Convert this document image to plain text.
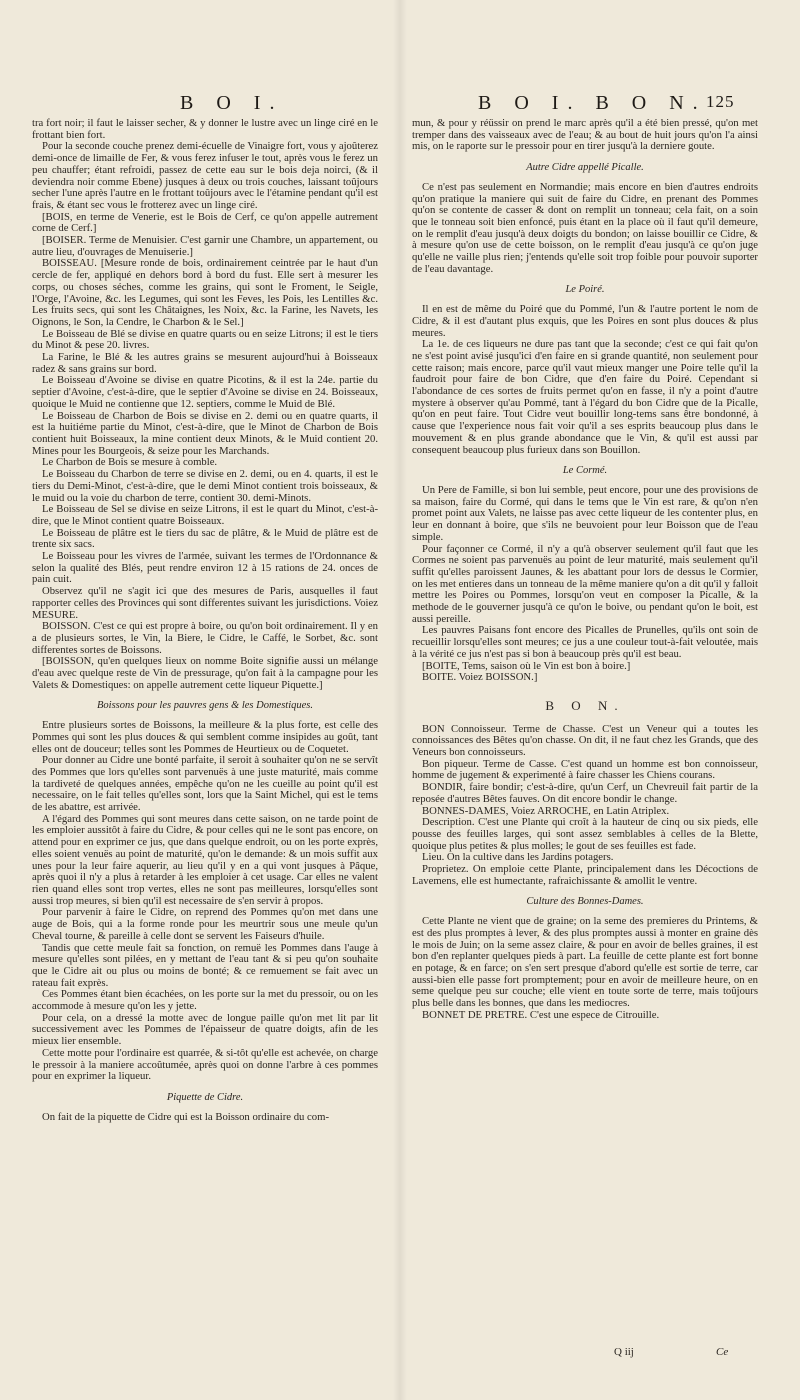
B O I.	B O I. B O N. 125

tra fort noir; il faut le laisser secher, & y donner le lustre avec un linge ciré en le frottant bien fort.

Pour la seconde couche prenez demi-écuelle de Vinaigre fort, vous y ajoûterez demi-once de limaille de Fer, & vous ferez infuser le tout, après vous le ferez un peu chauffer; étant refroidi, passez de cette eau sur le bois deja noirci, (& il deviendra noir comme Ebene) jusques à deux ou trois couches, laissant toûjours secher l'une après l'autre en le frottant toûjours avec le l'étamine pendant qu'il est frais, & étant sec vous le frotterez avec un linge ciré.

[BOIS, en terme de Venerie, est le Bois de Cerf, ce qu'on appelle autrement corne de Cerf.]

[BOISER. Terme de Menuisier. C'est garnir une Chambre, un appartement, ou autre lieu, d'ouvrages de Menuiserie.]

BOISSEAU. [Mesure ronde de bois, ordinairement ceintrée par le haut d'un cercle de fer, appliqué en dehors bord à bord du fust. Elle sert à mesurer les corps, ou choses séches, comme les grains, qui sont le Froment, le Seigle, l'Orge, l'Avoine, &c. les Legumes, qui sont les Feves, les Pois, les Lentilles &c. Les fruits secs, qui sont les Châtaignes, les Noix, &c. la Farine, les Navets, les Oignons, le Son, la Cendre, le Charbon & le Sel.]

Le Boisseau de Blé se divise en quatre quarts ou en seize Litrons; il est le tiers du Minot & pese 20. livres.

La Farine, le Blé & les autres grains se mesurent aujourd'hui à Boisseaux radez & sans grains sur bord.

Le Boisseau d'Avoine se divise en quatre Picotins, & il est la 24e. partie du septier d'Avoine, c'est-à-dire, que le septier d'Avoine se divise en 24. Boisseaux, quoique le Muid ne contienne que 12. septiers, comme le Muid de Blé.

Le Boisseau de Charbon de Bois se divise en 2. demi ou en quatre quarts, il est la huitiéme partie du Minot, c'est-à-dire, que le Minot de Charbon de Bois contient huit Boisseaux, la mine contient deux Minots, & le Muid contient 20. Mines pour les Bourgeois, & seize pour les Marchands.

Le Charbon de Bois se mesure à comble.

Le Boisseau du Charbon de terre se divise en 2. demi, ou en 4. quarts, il est le tiers du Demi-Minot, c'est-à-dire, que le demi Minot contient trois boisseaux, & le muid ou la voie du charbon de terre, contient 30. demi-Minots.

Le Boisseau de Sel se divise en seize Litrons, il est le quart du Minot, c'est-à-dire, que le Minot contient quatre Boisseaux.

Le Boisseau de plâtre est le tiers du sac de plâtre, & le Muid de plâtre est de trente six sacs.

Le Boisseau pour les vivres de l'armée, suivant les termes de l'Ordonnance & selon la qualité des Blés, peut rendre environ 12 à 15 rations de 24. onces de pain cuit.

Observez qu'il ne s'agit ici que des mesures de Paris, ausquelles il faut rapporter celles des Provinces qui sont differentes suivant les jurisdictions. Voiez MESURE.

BOISSON. C'est ce qui est propre à boire, ou qu'on boit ordinairement. Il y en a de plusieurs sortes, le Vin, la Biere, le Cidre, le Caffé, le Sorbet, &c. sont differentes sortes de Boissons.

[BOISSON, qu'en quelques lieux on nomme Boite signifie aussi un mélange d'eau avec quelque reste de Vin de pressurage, qu'on fait à la campagne pour les Valets & Domestiques: on appelle autrement cette liqueur Piquette.]

Boissons pour les pauvres gens & les Domestiques.

Entre plusieurs sortes de Boissons, la meilleure & la plus forte, est celle des Pommes qui sont les plus douces & qui semblent comme insipides au goût, tant elles ont de douceur; telles sont les Pommes de Heurtieux ou de Coquetet.

Pour donner au Cidre une bonté parfaite, il seroit à souhaiter qu'on ne se servît des Pommes que lors qu'elles sont parvenuës à une juste maturité, mais comme la tardiveté de quelques années, empêche qu'on ne les cueille au point qu'il est necessaire, on le fait telles qu'elles sont, lors que la Saint Michel, qui est le tems de les abattre, est arrivée.

A l'égard des Pommes qui sont meures dans cette saison, on ne tarde point de les emploier aussitôt à faire du Cidre, & pour celles qui ne le sont pas encore, on attend pour en exprimer ce jus, que dans quelque endroit, ou on les porte exprès, elles soient venuës au point de maturité, qu'on le demande: & un mois suffit aux unes pour la leur faire aquerir, au lieu qu'il y en a qui vont jusques à Pâque, après quoi il n'y a plus à retarder à les emploier à cet usage. Car elles ne valent rien quand elles sont trop vertes, elles ne sont pas meilleures, lorsqu'elles sont aussi trop meures, si bien qu'il est necessaire de s'en servir à propos.

Pour parvenir à faire le Cidre, on reprend des Pommes qu'on met dans une auge de Bois, qui a la forme ronde pour les meurtrir sous une meule qu'un Cheval tourne, & pareille à celle dont se servent les Faiseurs d'huile.

Tandis que cette meule fait sa fonction, on remuë les Pommes dans l'auge à mesure qu'elles sont pilées, en y mettant de l'eau tant & si peu qu'on souhaite que le Cidre ait ou plus ou moins de bonté; & ce remuement se fait avec un rateau fait exprès.

Ces Pommes étant bien écachées, on les porte sur la met du pressoir, ou on les accommode à mesure qu'on les y jette.

Pour cela, on a dressé la motte avec de longue paille qu'on met lit par lit successivement avec les Pommes de l'épaisseur de quatre doigts, afin de les mieux lier ensemble.

Cette motte pour l'ordinaire est quarrée, & si-tôt qu'elle est achevée, on charge le pressoir à la maniere accoûtumée, après quoi on donne l'arbre à ces pommes pour en exprimer la liqueur.

Piquette de Cidre.

On fait de la piquette de Cidre qui est la Boisson ordinaire du com-

mun, & pour y réüssir on prend le marc après qu'il a été bien pressé, qu'on met tremper dans des vaisseaux avec de l'eau; & au bout de huit jours qu'on l'a ainsi mis, on le raporte sur le pressoir pour en tirer jusqu'à la derniere goute.

Autre Cidre appellé Picalle.

Ce n'est pas seulement en Normandie; mais encore en bien d'autres endroits qu'on pratique la maniere qui suit de faire du Cidre, en prenant des Pommes qu'on se contente de casser & dont on remplit un tonneau; cela fait, on a soin que le tonneau soit bien enfoncé, puis étant en la place où il faut qu'il demeure, on le remplit d'eau jusqu'à deux doigts du bondon; on laisse bouillir ce Cidre, & à mesure qu'on use de cette boisson, on le remplit d'eau jusqu'à ce qu'on juge qu'elle ne vaille plus rien; j'entends qu'elle soit trop foible pour pouvoir suporter de l'eau davantage.

Le Poiré.

Il en est de même du Poiré que du Pommé, l'un & l'autre portent le nom de Cidre, & il est d'autant plus exquis, que les Poires en sont plus douces & plus meures.

La 1e. de ces liqueurs ne dure pas tant que la seconde; c'est ce qui fait qu'on ne s'est point avisé jusqu'ici d'en faire en si grande quantité, non seulement pour cette raison; mais encore, parce qu'il vaut mieux manger une Poire telle qu'il la faudroit pour faire de bon Cidre, que d'en faire du Poiré. Cependant si l'abondance de ces sortes de fruits permet qu'on en fasse, il n'y a point d'autre mystere à observer qu'au Pommé, tant à l'égard du bon Cidre que de la Picalle, qu'on en peut faire. Tout Cidre veut bouillir long-tems sans être bondonné, à cause que l'experience nous fait voir qu'il a ses esprits beaucoup plus dans le mouvement & en plus grande abondance que le Vin, & qu'il est aussi par consequent beaucoup plus furieux dans son Bouillon.

Le Cormé.

Un Pere de Famille, si bon lui semble, peut encore, pour une des provisions de sa maison, faire du Cormé, qui dans le tems que le Vin est rare, & qu'on n'en promet point aux Valets, ne laisse pas avec cette liqueur de les contenter plus, en leur en donnant à boire, que s'ils ne beuvoient pour leur Boisson que de l'eau simple.

Pour façonner ce Cormé, il n'y a qu'à observer seulement qu'il faut que les Cormes ne soient pas parvenuës au point de leur maturité, mais seulement qu'il suffit qu'elles paroissent Jaunes, & les abattant pour lors de dessus le Cormier, on les met entieres dans un tonneau de la même maniere qu'on a dit qu'il y falloit mettre les Poires ou Pommes, lorsqu'on veut en composer la Picalle, & la methode de le gouverner jusqu'à ce qu'on le boive, ou pendant qu'on le boit, est aussi pereille.

Les pauvres Paisans font encore des Picalles de Prunelles, qu'ils ont soin de recueillir lorsqu'elles sont meures; ce jus a une couleur tout-à-fait veloutée, mais à la vérité ce jus n'est pas si bon à beaucoup près qu'il est beau.

[BOITE, Tems, saison où le Vin est bon à boire.]

BOITE. Voiez BOISSON.]

B O N.

BON Connoisseur. Terme de Chasse. C'est un Veneur qui a toutes les connoissances des Bêtes qu'on chasse. On dit, il ne faut chez les Grands, que des Veneurs bon connoisseurs.

Bon piqueur. Terme de Casse. C'est quand un homme est bon connoisseur, homme de jugement & experimenté à faire chasser les Chiens courans.

BONDIR, faire bondir; c'est-à-dire, qu'un Cerf, un Chevreuil fait partir de la reposée d'autres Bêtes fauves. On dit encore bondir le change.

BONNES-DAMES, Voiez ARROCHE, en Latin Atriplex.

Description. C'est une Plante qui croît à la hauteur de cinq ou six pieds, elle pousse des feuilles larges, qui sont assez semblables à celles de la Blette, quoique plus petites & plus molles; le gout de ses feuilles est fade.

Lieu. On la cultive dans les Jardins potagers.

Proprietez. On emploie cette Plante, principalement dans les Décoctions de Lavemens, elle est humectante, rafraichissante & amollit le ventre.

Culture des Bonnes-Dames.

Cette Plante ne vient que de graine; on la seme des premieres du Printems, & est des plus promptes à lever, & des plus promptes aussi à monter en graine dès le mois de Juin; on la seme assez claire, & pour en avoir de belles graines, il est bon d'en replanter quelques pieds à part. La feuille de cette plante est fort bonne en potage, & en farce; on s'en sert presque d'abord qu'elle est sortie de terre, car aussi-bien elle passe fort promptement; pour en avoir de meilleure heure, on en seme quelque peu sur couche; elle vient en toute sorte de terre, mais toûjours plus belle dans les bonnes, que dans les mediocres.

BONNET DE PRETRE. C'est une espece de Citrouille.

Q iij	Ce
